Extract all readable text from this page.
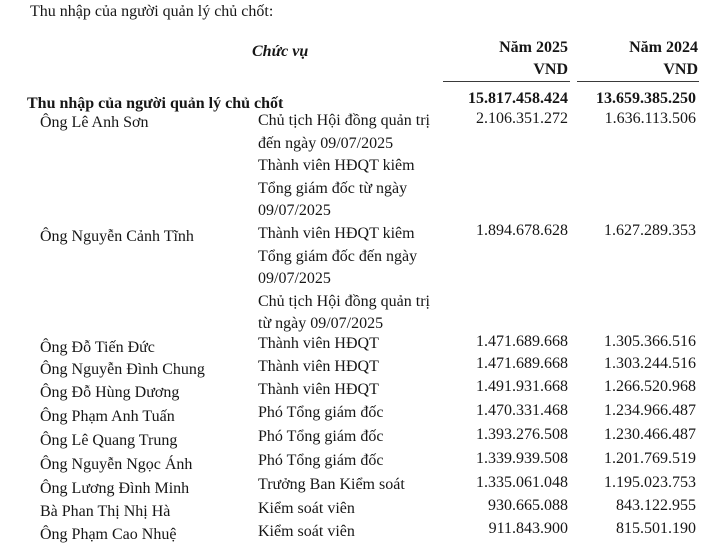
Thu nhập của người quản lý chủ chốt:
Chức vụ	Năm 2025	Năm 2024
VND	VND
Thu nhập của người quản lý chủ chốt	15.817.458.424	13.659.385.250
Ông Lê Anh Sơn	Chủ tịch Hội đồng quản trị
đến ngày 09/07/2025
Thành viên HĐQT kiêm
Tổng giám đốc từ ngày
09/07/2025
2.106.351.272	1.636.113.506
Ông Nguyễn Cảnh Tĩnh	Thành viên HĐQT kiêm
Tổng giám đốc đến ngày
09/07/2025
Chủ tịch Hội đồng quản trị
từ ngày 09/07/2025
1.894.678.628	1.627.289.353
Ông Đỗ Tiến Đức	Thành viên HĐQT	1.471.689.668	1.305.366.516
Ông Nguyễn Đình Chung	Thành viên HĐQT	1.471.689.668	1.303.244.516
Ông Đỗ Hùng Dương	Thành viên HĐQT	1.491.931.668	1.266.520.968
Ông Phạm Anh Tuấn	Phó Tổng giám đốc	1.470.331.468	1.234.966.487
Ông Lê Quang Trung	Phó Tổng giám đốc	1.393.276.508	1.230.466.487
Ông Nguyễn Ngọc Ánh	Phó Tổng giám đốc	1.339.939.508	1.201.769.519
Ông Lương Đình Minh	Trưởng Ban Kiểm soát	1.335.061.048	1.195.023.753
Bà Phan Thị Nhị Hà	Kiểm soát viên	930.665.088	843.122.955
Ông Phạm Cao Nhuệ	Kiểm soát viên	911.843.900	815.501.190
